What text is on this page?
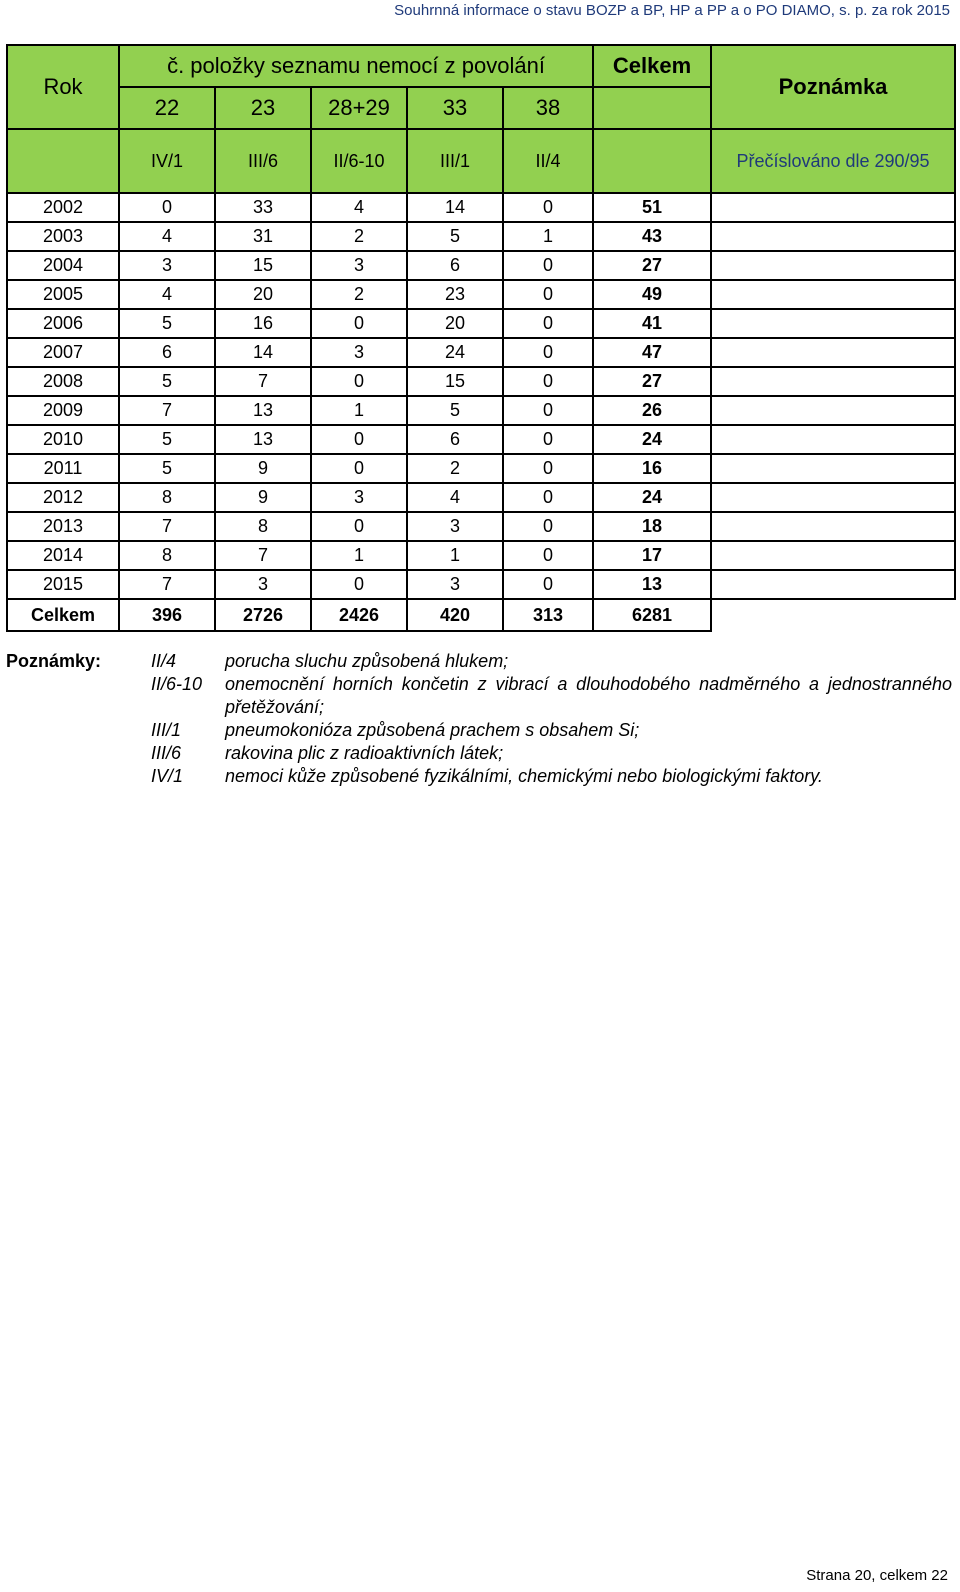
Souhrnná informace o stavu BOZP a BP, HP a PP a o PO DIAMO, s. p. za rok 2015
Rok	č. položky seznamu nemocí z povolání					Celkem	Poznámka
	22	23	28+29	33	38		
	IV/1	III/6	II/6-10	III/1	II/4		Přečíslováno dle 290/95
2002	0	33	4	14	0	51	
2003	4	31	2	5	1	43	
2004	3	15	3	6	0	27	
2005	4	20	2	23	0	49	
2006	5	16	0	20	0	41	
2007	6	14	3	24	0	47	
2008	5	7	0	15	0	27	
2009	7	13	1	5	0	26	
2010	5	13	0	6	0	24	
2011	5	9	0	2	0	16	
2012	8	9	3	4	0	24	
2013	7	8	0	3	0	18	
2014	8	7	1	1	0	17	
2015	7	3	0	3	0	13	
Celkem	396	2726	2426	420	313	6281	
Poznámky:	II/4	porucha sluchu způsobená hlukem;
II/6-10 onemocnění horních končetin z vibrací a dlouhodobého nadměrného a jednostranného přetěžování;
III/1 pneumokonióza způsobená prachem s obsahem Si;
III/6 rakovina plic z radioaktivních látek;
IV/1 nemoci kůže způsobené fyzikálními, chemickými nebo biologickými faktory.
Strana 20, celkem 22
